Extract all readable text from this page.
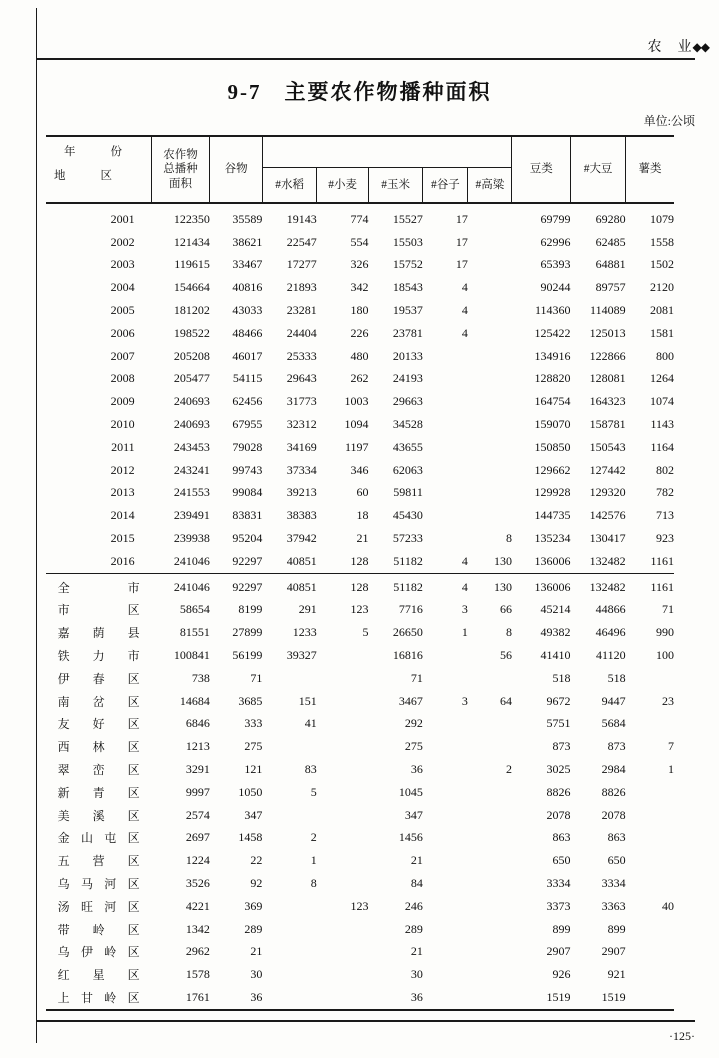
农　业◆◆
9-7　主要农作物播种面积
单位:公顷
年　　份
地　　区	农作物
总播种
面积	谷物						豆类	#大豆	薯类
			#水稻	#小麦	#玉米	#谷子	#高粱			

2001	122350	35589	19143	774	15527	17		69799	69280	1079

2002	121434	38621	22547	554	15503	17		62996	62485	1558

2003	119615	33467	17277	326	15752	17		65393	64881	1502

2004	154664	40816	21893	342	18543	4		90244	89757	2120

2005	181202	43033	23281	180	19537	4		114360	114089	2081

2006	198522	48466	24404	226	23781	4		125422	125013	1581

2007	205208	46017	25333	480	20133			134916	122866	800

2008	205477	54115	29643	262	24193			128820	128081	1264

2009	240693	62456	31773	1003	29663			164754	164323	1074

2010	240693	67955	32312	1094	34528			159070	158781	1143

2011	243453	79028	34169	1197	43655			150850	150543	1164

2012	243241	99743	37334	346	62063			129662	127442	802

2013	241553	99084	39213	60	59811			129928	129320	782

2014	239491	83831	38383	18	45430			144735	142576	713

2015	239938	95204	37942	21	57233		8	135234	130417	923

2016	241046	92297	40851	128	51182	4	130	136006	132482	1161

全市	241046	92297	40851	128	51182	4	130	136006	132482	1161

市区	58654	8199	291	123	7716	3	66	45214	44866	71

嘉荫县	81551	27899	1233	5	26650	1	8	49382	46496	990

铁力市	100841	56199	39327		16816		56	41410	41120	100

伊春区	738	71			71			518	518	

南岔区	14684	3685	151		3467	3	64	9672	9447	23

友好区	6846	333	41		292			5751	5684	

西林区	1213	275			275			873	873	7

翠峦区	3291	121	83		36		2	3025	2984	1

新青区	9997	1050	5		1045			8826	8826	

美溪区	2574	347			347			2078	2078	

金山屯区	2697	1458	2		1456			863	863	

五营区	1224	22	1		21			650	650	

乌马河区	3526	92	8		84			3334	3334	

汤旺河区	4221	369		123	246			3373	3363	40

带岭区	1342	289			289			899	899	

乌伊岭区	2962	21			21			2907	2907	

红星区	1578	30			30			926	921	

上甘岭区	1761	36			36			1519	1519	
·125·
